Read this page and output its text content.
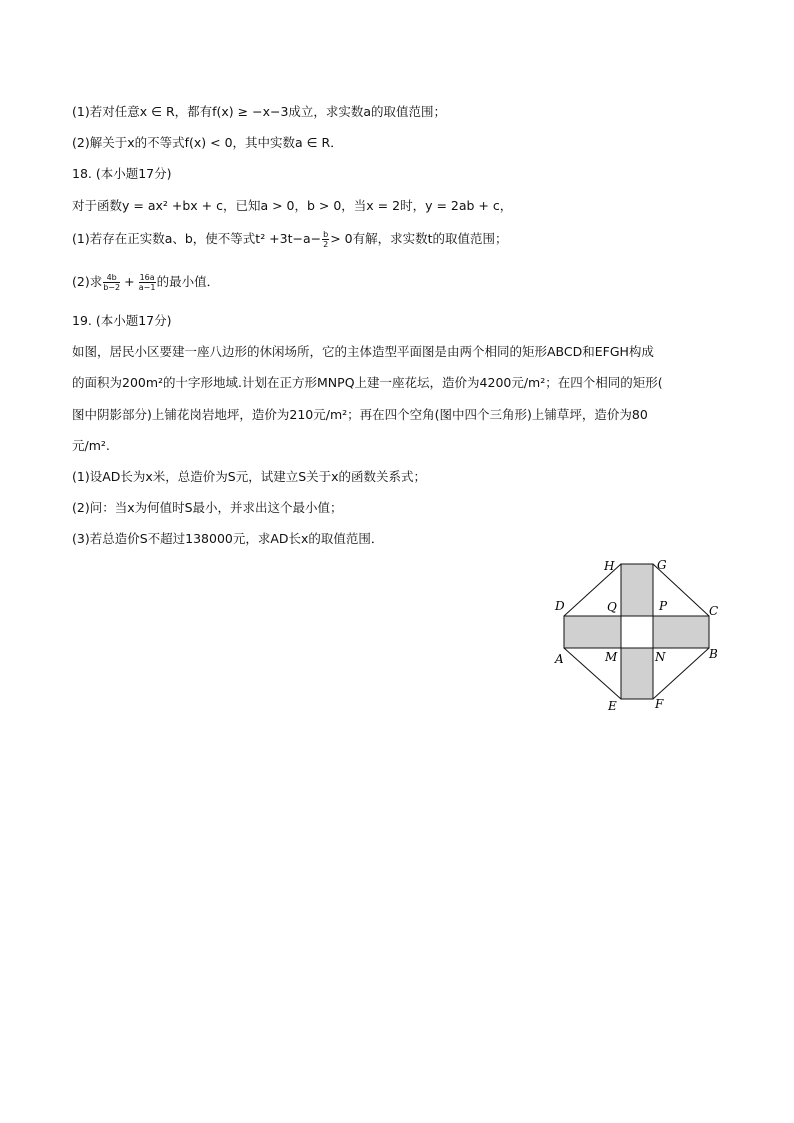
(1)若对任意x ∈ R，都有f(x) ≥ −x−3成立，求实数a的取值范围；
(2)解关于x的不等式f(x) < 0，其中实数a ∈ R．
18. (本小题17分)
对于函数y = ax² +bx + c，已知a > 0，b > 0，当x = 2时，y = 2ab + c，
(1)若存在正实数a、b，使不等式$t^2 +3t-a- \frac{b}{2} > 0$有解，求实数t的取值范围；
(2)求 $\frac{4b}{b-2} + \frac{16a}{a-1}$ 的最小值．
19. (本小题17分)
如图，居民小区要建一座八边形的休闲场所，它的主体造型平面图是由两个相同的矩形ABCD和EFGH构成
的面积为200m²的十字形地域.计划在正方形MNPQ上建一座花坛，造价为4200元/m²；在四个相同的矩形(
图中阴影部分)上铺花岗岩地坪，造价为210元/m²；再在四个空角(图中四个三角形)上铺草坪，造价为80
元/m².
(1)设AD长为x米，总造价为S元，试建立S关于x的函数关系式；
(2)问：当x为何值时S最小，并求出这个最小值；
(3)若总造价S不超过138000元，求AD长x的取值范围．
H	G
D	Q	P	C
A	M	N	B
E	F
